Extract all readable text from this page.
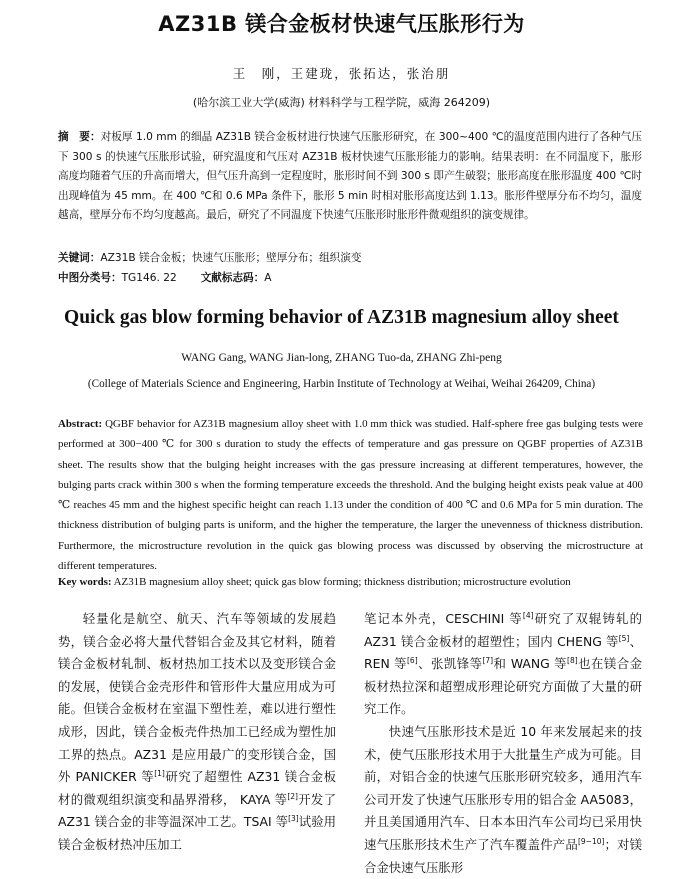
AZ31B 镁合金板材快速气压胀形行为
王　刚，王建珑，张拓达，张治朋
(哈尔滨工业大学(威海) 材料科学与工程学院，威海 264209)
摘　要：对板厚 1.0 mm 的细晶 AZ31B 镁合金板材进行快速气压胀形研究，在 300~400 ℃的温度范围内进行了各种气压下 300 s 的快速气压胀形试验，研究温度和气压对 AZ31B 板材快速气压胀形能力的影响。结果表明：在不同温度下，胀形高度均随着气压的升高而增大，但气压升高到一定程度时，胀形时间不到 300 s 即产生破裂；胀形高度在胀形温度 400 ℃时出现峰值为 45 mm。在 400 ℃和 0.6 MPa 条件下，胀形 5 min 时相对胀形高度达到 1.13。胀形件壁厚分布不均匀，温度越高，壁厚分布不均匀度越高。最后，研究了不同温度下快速气压胀形时胀形件微观组织的演变规律。
关键词：AZ31B 镁合金板；快速气压胀形；壁厚分布；组织演变
中图分类号：TG146. 22 文献标志码：A
Quick gas blow forming behavior of AZ31B magnesium alloy sheet
WANG Gang, WANG Jian-long, ZHANG Tuo-da, ZHANG Zhi-peng
(College of Materials Science and Engineering, Harbin Institute of Technology at Weihai, Weihai 264209, China)
Abstract: QGBF behavior for AZ31B magnesium alloy sheet with 1.0 mm thick was studied. Half-sphere free gas bulging tests were performed at 300−400 ℃ for 300 s duration to study the effects of temperature and gas pressure on QGBF properties of AZ31B sheet. The results show that the bulging height increases with the gas pressure increasing at different temperatures, however, the bulging parts crack within 300 s when the forming temperature exceeds the threshold. And the bulging height exists peak value at 400 ℃ reaches 45 mm and the highest specific height can reach 1.13 under the condition of 400 ℃ and 0.6 MPa for 5 min duration. The thickness distribution of bulging parts is uniform, and the higher the temperature, the larger the unevenness of thickness distribution. Furthermore, the microstructure revolution in the quick gas blowing process was discussed by observing the microstructure at different temperatures.
Key words: AZ31B magnesium alloy sheet; quick gas blow forming; thickness distribution; microstructure evolution

轻量化是航空、航天、汽车等领域的发展趋势，镁合金必将大量代替铝合金及其它材料，随着镁合金板材轧制、板材热加工技术以及变形镁合金的发展，使镁合金壳形件和管形件大量应用成为可能。但镁合金板材在室温下塑性差，难以进行塑性成形，因此，镁合金板壳件热加工已经成为塑性加工界的热点。AZ31 是应用最广的变形镁合金，国外 PANICKER 等[1]研究了超塑性 AZ31 镁合金板材的微观组织演变和晶界滑移， KAYA 等[2]开发了 AZ31 镁合金的非等温深冲工艺。TSAI 等[3]试验用镁合金板材热冲压加工

笔记本外壳，CESCHINI 等[4]研究了双辊铸轧的 AZ31 镁合金板材的超塑性；国内 CHENG 等[5]、REN 等[6]、张凯锋等[7]和 WANG 等[8]也在镁合金板材热拉深和超塑成形理论研究方面做了大量的研究工作。

快速气压胀形技术是近 10 年来发展起来的技术，使气压胀形技术用于大批量生产成为可能。目前，对铝合金的快速气压胀形研究较多，通用汽车公司开发了快速气压胀形专用的铝合金 AA5083，并且美国通用汽车、日本本田汽车公司均已采用快速气压胀形技术生产了汽车覆盖件产品[9−10]；对镁合金快速气压胀形
